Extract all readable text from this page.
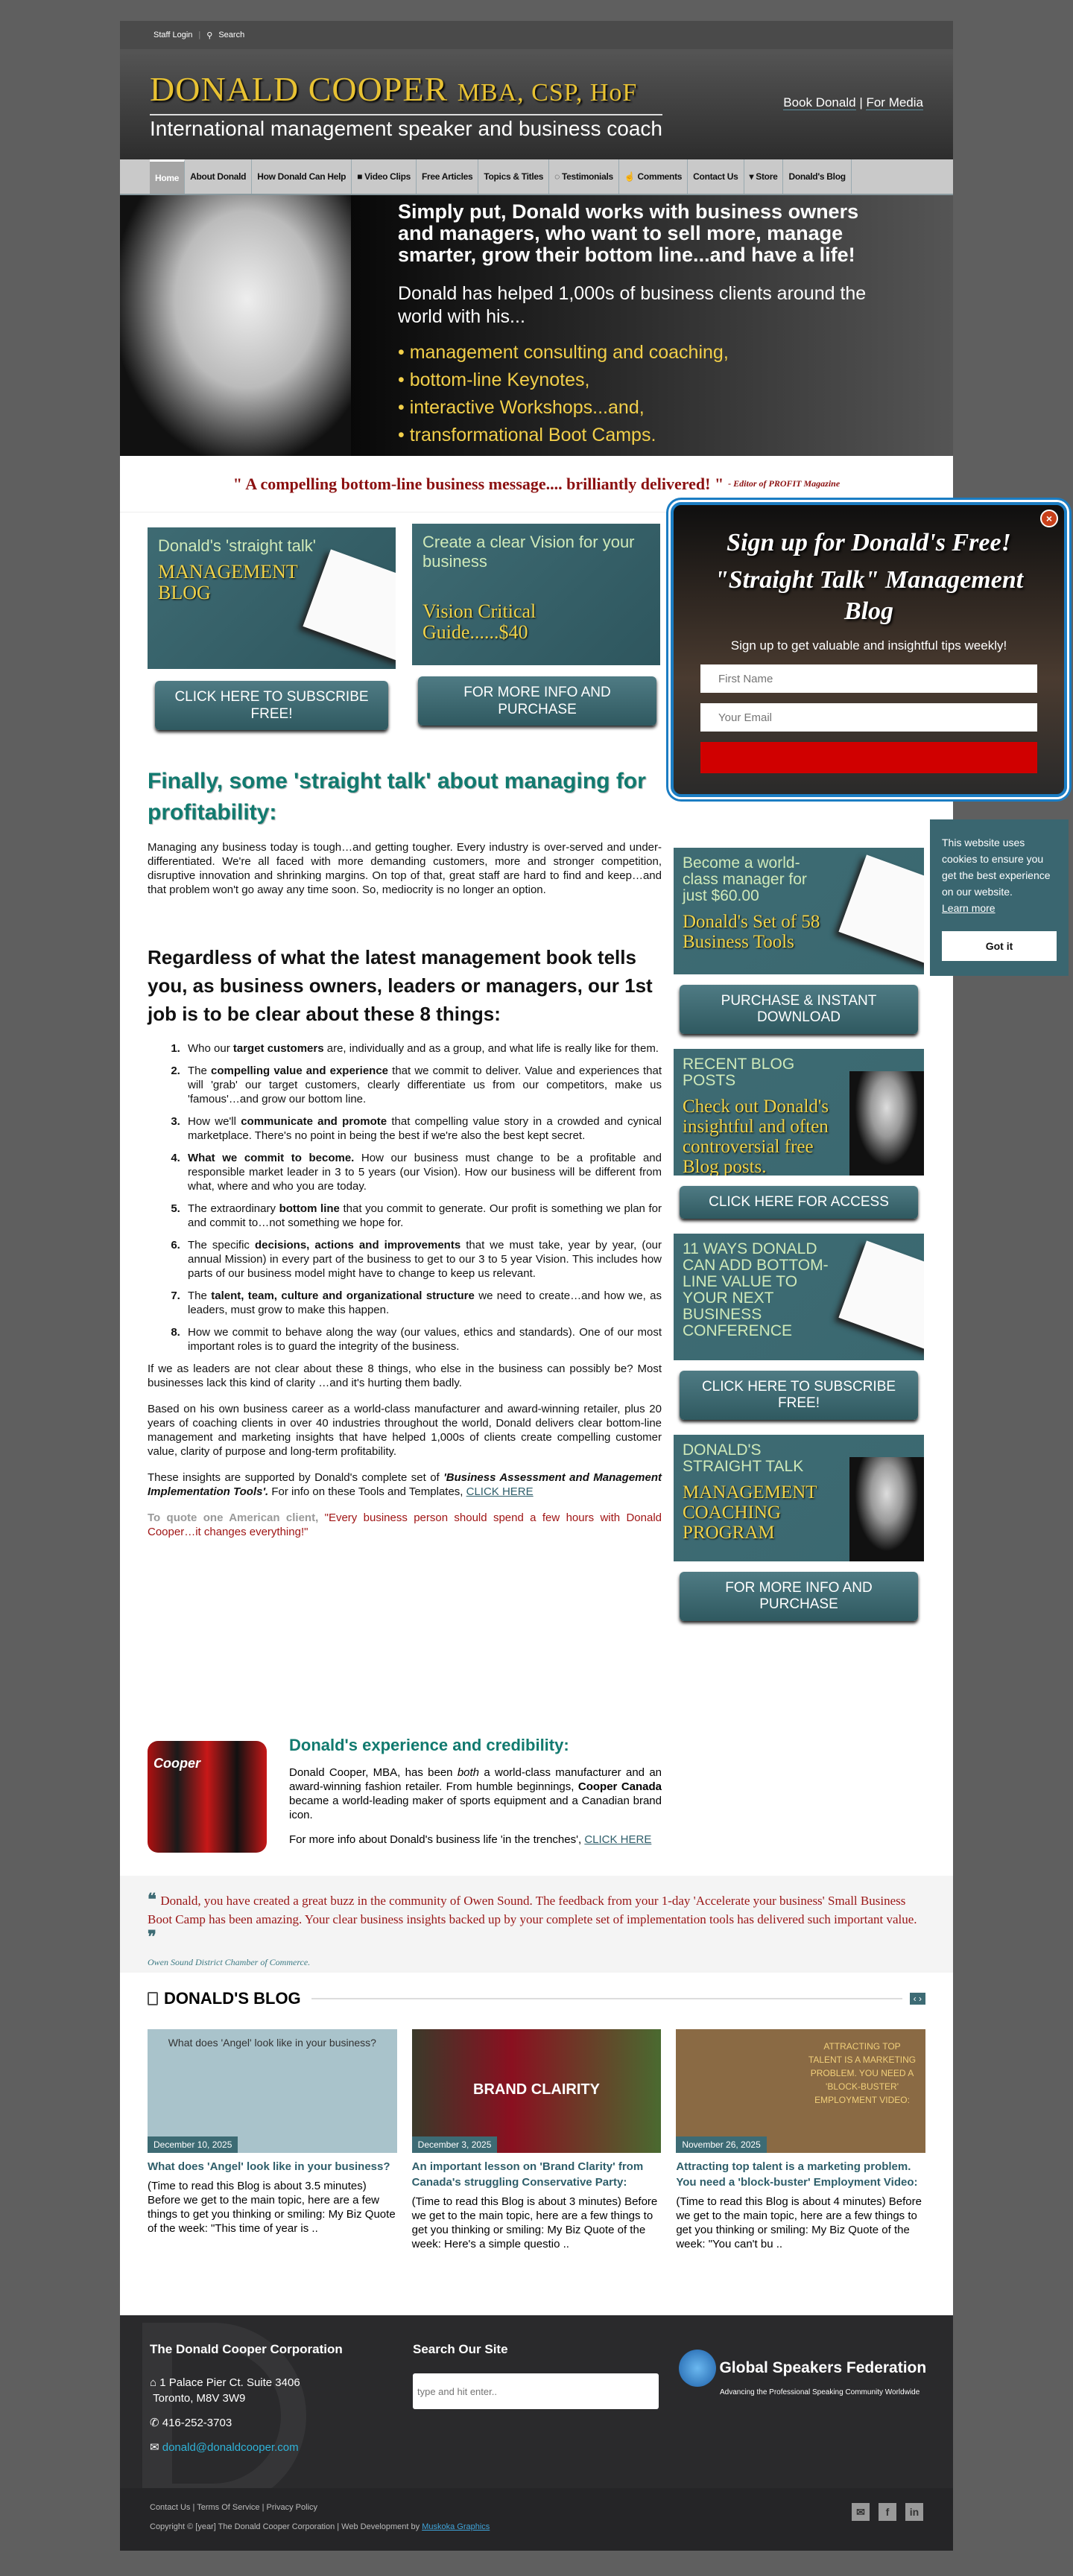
Staff Login | ⚲ Search
DONALD COOPER MBA, CSP, HoF
International management speaker and business coach
Book Donald | For Media
Home	About Donald	How Donald Can Help	■ Video Clips	Free Articles	Topics & Titles	◌ Testimonials ☝ Comments	Contact Us	▾ Store	Donald's Blog
Simply put, Donald works with business owners and managers, who want to sell more, manage smarter, grow their bottom line...and have a life!
Donald has helped 1,000s of business clients around the world with his...
• management consulting and coaching,
• bottom-line Keynotes,
• interactive Workshops...and,
• transformational Boot Camps.
" A compelling bottom-line business message.... brilliantly delivered! " - Editor of PROFIT Magazine
Donald's 'straight talk'
MANAGEMENT BLOG
CLICK HERE TO SUBSCRIBE FREE!
Create a clear Vision for your business
Vision Critical Guide......$40
FOR MORE INFO AND PURCHASE
Finally, some 'straight talk' about managing for profitability:

Managing any business today is tough…and getting tougher. Every industry is over-served and under-differentiated. We're all faced with more demanding customers, more and stronger competition, disruptive innovation and shrinking margins. On top of that, great staff are hard to find and keep…and that problem won't go away any time soon. So, mediocrity is no longer an option.

Regardless of what the latest management book tells you, as business owners, leaders or managers, our 1st job is to be clear about these 8 things:
1. Who our target customers are, individually and as a group, and what life is really like for them.
2. The compelling value and experience that we commit to deliver. Value and experiences that will 'grab' our target customers, clearly differentiate us from our competitors, make us 'famous'…and grow our bottom line.
3. How we'll communicate and promote that compelling value story in a crowded and cynical marketplace. There's no point in being the best if we're also the best kept secret.
4. What we commit to become. How our business must change to be a profitable and responsible market leader in 3 to 5 years (our Vision). How our business will be different from what, where and who you are today.
5. The extraordinary bottom line that you commit to generate. Our profit is something we plan for and commit to…not something we hope for.
6. The specific decisions, actions and improvements that we must take, year by year, (our annual Mission) in every part of the business to get to our 3 to 5 year Vision. This includes how parts of our business model might have to change to keep us relevant.
7. The talent, team, culture and organizational structure we need to create…and how we, as leaders, must grow to make this happen.
8. How we commit to behave along the way (our values, ethics and standards). One of our most important roles is to guard the integrity of the business.

If we as leaders are not clear about these 8 things, who else in the business can possibly be? Most businesses lack this kind of clarity …and it's hurting them badly.

Based on his own business career as a world-class manufacturer and award-winning retailer, plus 20 years of coaching clients in over 40 industries throughout the world, Donald delivers clear bottom-line management and marketing insights that have helped 1,000s of clients create compelling customer value, clarity of purpose and long-term profitability.

These insights are supported by Donald's complete set of 'Business Assessment and Management Implementation Tools'. For info on these Tools and Templates, CLICK HERE

To quote one American client, "Every business person should spend a few hours with Donald Cooper…it changes everything!"

Become a world-class manager for just $60.00
Donald's Set of 58 Business Tools
PURCHASE & INSTANT DOWNLOAD
RECENT BLOG POSTS
Check out Donald's insightful and often controversial free Blog posts.
CLICK HERE FOR ACCESS
11 WAYS DONALD CAN ADD BOTTOM-LINE VALUE TO YOUR NEXT BUSINESS CONFERENCE
CLICK HERE TO SUBSCRIBE FREE!
DONALD'S STRAIGHT TALK
MANAGEMENT COACHING PROGRAM
FOR MORE INFO AND PURCHASE
Cooper
Donald's experience and credibility:

Donald Cooper, MBA, has been both a world-class manufacturer and an award-winning fashion retailer. From humble beginnings, Cooper Canada became a world-leading maker of sports equipment and a Canadian brand icon.

For more info about Donald's business life 'in the trenches', CLICK HERE

❝ Donald, you have created a great buzz in the community of Owen Sound. The feedback from your 1-day 'Accelerate your business' Small Business Boot Camp has been amazing. Your clear business insights backed up by your complete set of implementation tools has delivered such important value. ❞
Owen Sound District Chamber of Commerce.
DONALD'S BLOG	‹ ›
What does 'Angel' look like in your business?
December 10, 2025
What does 'Angel' look like in your business?
(Time to read this Blog is about 3.5 minutes) Before we get to the main topic, here are a few things to get you thinking or smiling: My Biz Quote of the week: "This time of year is ..
BRAND CLAIRITY
December 3, 2025
An important lesson on 'Brand Clarity' from Canada's struggling Conservative Party:
(Time to read this Blog is about 3 minutes) Before we get to the main topic, here are a few things to get you thinking or smiling: My Biz Quote of the week: Here's a simple questio ..
ATTRACTING TOP TALENT IS A MARKETING PROBLEM. YOU NEED A 'BLOCK-BUSTER' EMPLOYMENT VIDEO:
November 26, 2025
Attracting top talent is a marketing problem. You need a 'block-buster' Employment Video:
(Time to read this Blog is about 4 minutes) Before we get to the main topic, here are a few things to get you thinking or smiling: My Biz Quote of the week: "You can't bu ..
The Donald Cooper Corporation
⌂ 1 Palace Pier Ct. Suite 3406
Toronto, M8V 3W9
✆ 416-252-3703
✉ donald@donaldcooper.com
Search Our Site
type and hit enter..
Global Speakers Federation
Advancing the Professional Speaking Community Worldwide
Contact Us | Terms Of Service | Privacy Policy
Copyright © [year] The Donald Cooper Corporation | Web Development by Muskoka Graphics
✉	f	in
×
Sign up for Donald's Free!
"Straight Talk" Management Blog
Sign up to get valuable and insightful tips weekly!
First Name
Your Email
This website uses cookies to ensure you get the best experience on our website.
Learn more
Got it
